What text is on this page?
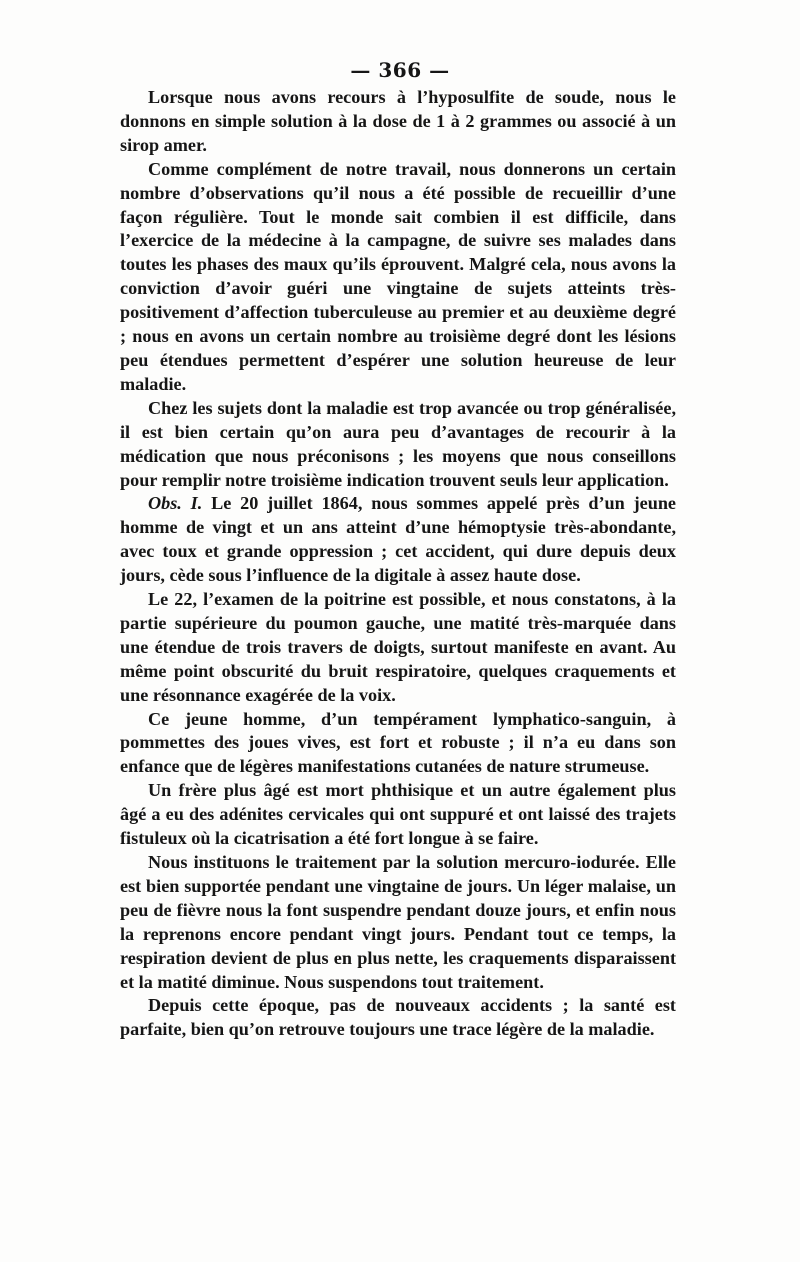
— 366 —

Lorsque nous avons recours à l’hyposulfite de soude, nous le donnons en simple solution à la dose de 1 à 2 grammes ou associé à un sirop amer.

Comme complément de notre travail, nous donnerons un certain nombre d’observations qu’il nous a été possible de recueillir d’une façon régulière. Tout le monde sait combien il est difficile, dans l’exercice de la médecine à la campagne, de suivre ses malades dans toutes les phases des maux qu’ils éprouvent. Malgré cela, nous avons la conviction d’avoir guéri une vingtaine de sujets atteints très-positivement d’affection tuberculeuse au premier et au deuxième degré ; nous en avons un certain nombre au troisième degré dont les lésions peu étendues permettent d’espérer une solution heureuse de leur maladie.

Chez les sujets dont la maladie est trop avancée ou trop généralisée, il est bien certain qu’on aura peu d’avantages de recourir à la médication que nous préconisons ; les moyens que nous conseillons pour remplir notre troisième indication trouvent seuls leur application.

Obs. I. Le 20 juillet 1864, nous sommes appelé près d’un jeune homme de vingt et un ans atteint d’une hémoptysie très-abondante, avec toux et grande oppression ; cet accident, qui dure depuis deux jours, cède sous l’influence de la digitale à assez haute dose.

Le 22, l’examen de la poitrine est possible, et nous constatons, à la partie supérieure du poumon gauche, une matité très-marquée dans une étendue de trois travers de doigts, surtout manifeste en avant. Au même point obscurité du bruit respiratoire, quelques craquements et une résonnance exagérée de la voix.

Ce jeune homme, d’un tempérament lymphatico-sanguin, à pommettes des joues vives, est fort et robuste ; il n’a eu dans son enfance que de légères manifestations cutanées de nature strumeuse.

Un frère plus âgé est mort phthisique et un autre également plus âgé a eu des adénites cervicales qui ont suppuré et ont laissé des trajets fistuleux où la cicatrisation a été fort longue à se faire.

Nous instituons le traitement par la solution mercuro-iodurée. Elle est bien supportée pendant une vingtaine de jours. Un léger malaise, un peu de fièvre nous la font suspendre pendant douze jours, et enfin nous la reprenons encore pendant vingt jours. Pendant tout ce temps, la respiration devient de plus en plus nette, les craquements disparaissent et la matité diminue. Nous suspendons tout traitement.

Depuis cette époque, pas de nouveaux accidents ; la santé est parfaite, bien qu’on retrouve toujours une trace légère de la maladie.
